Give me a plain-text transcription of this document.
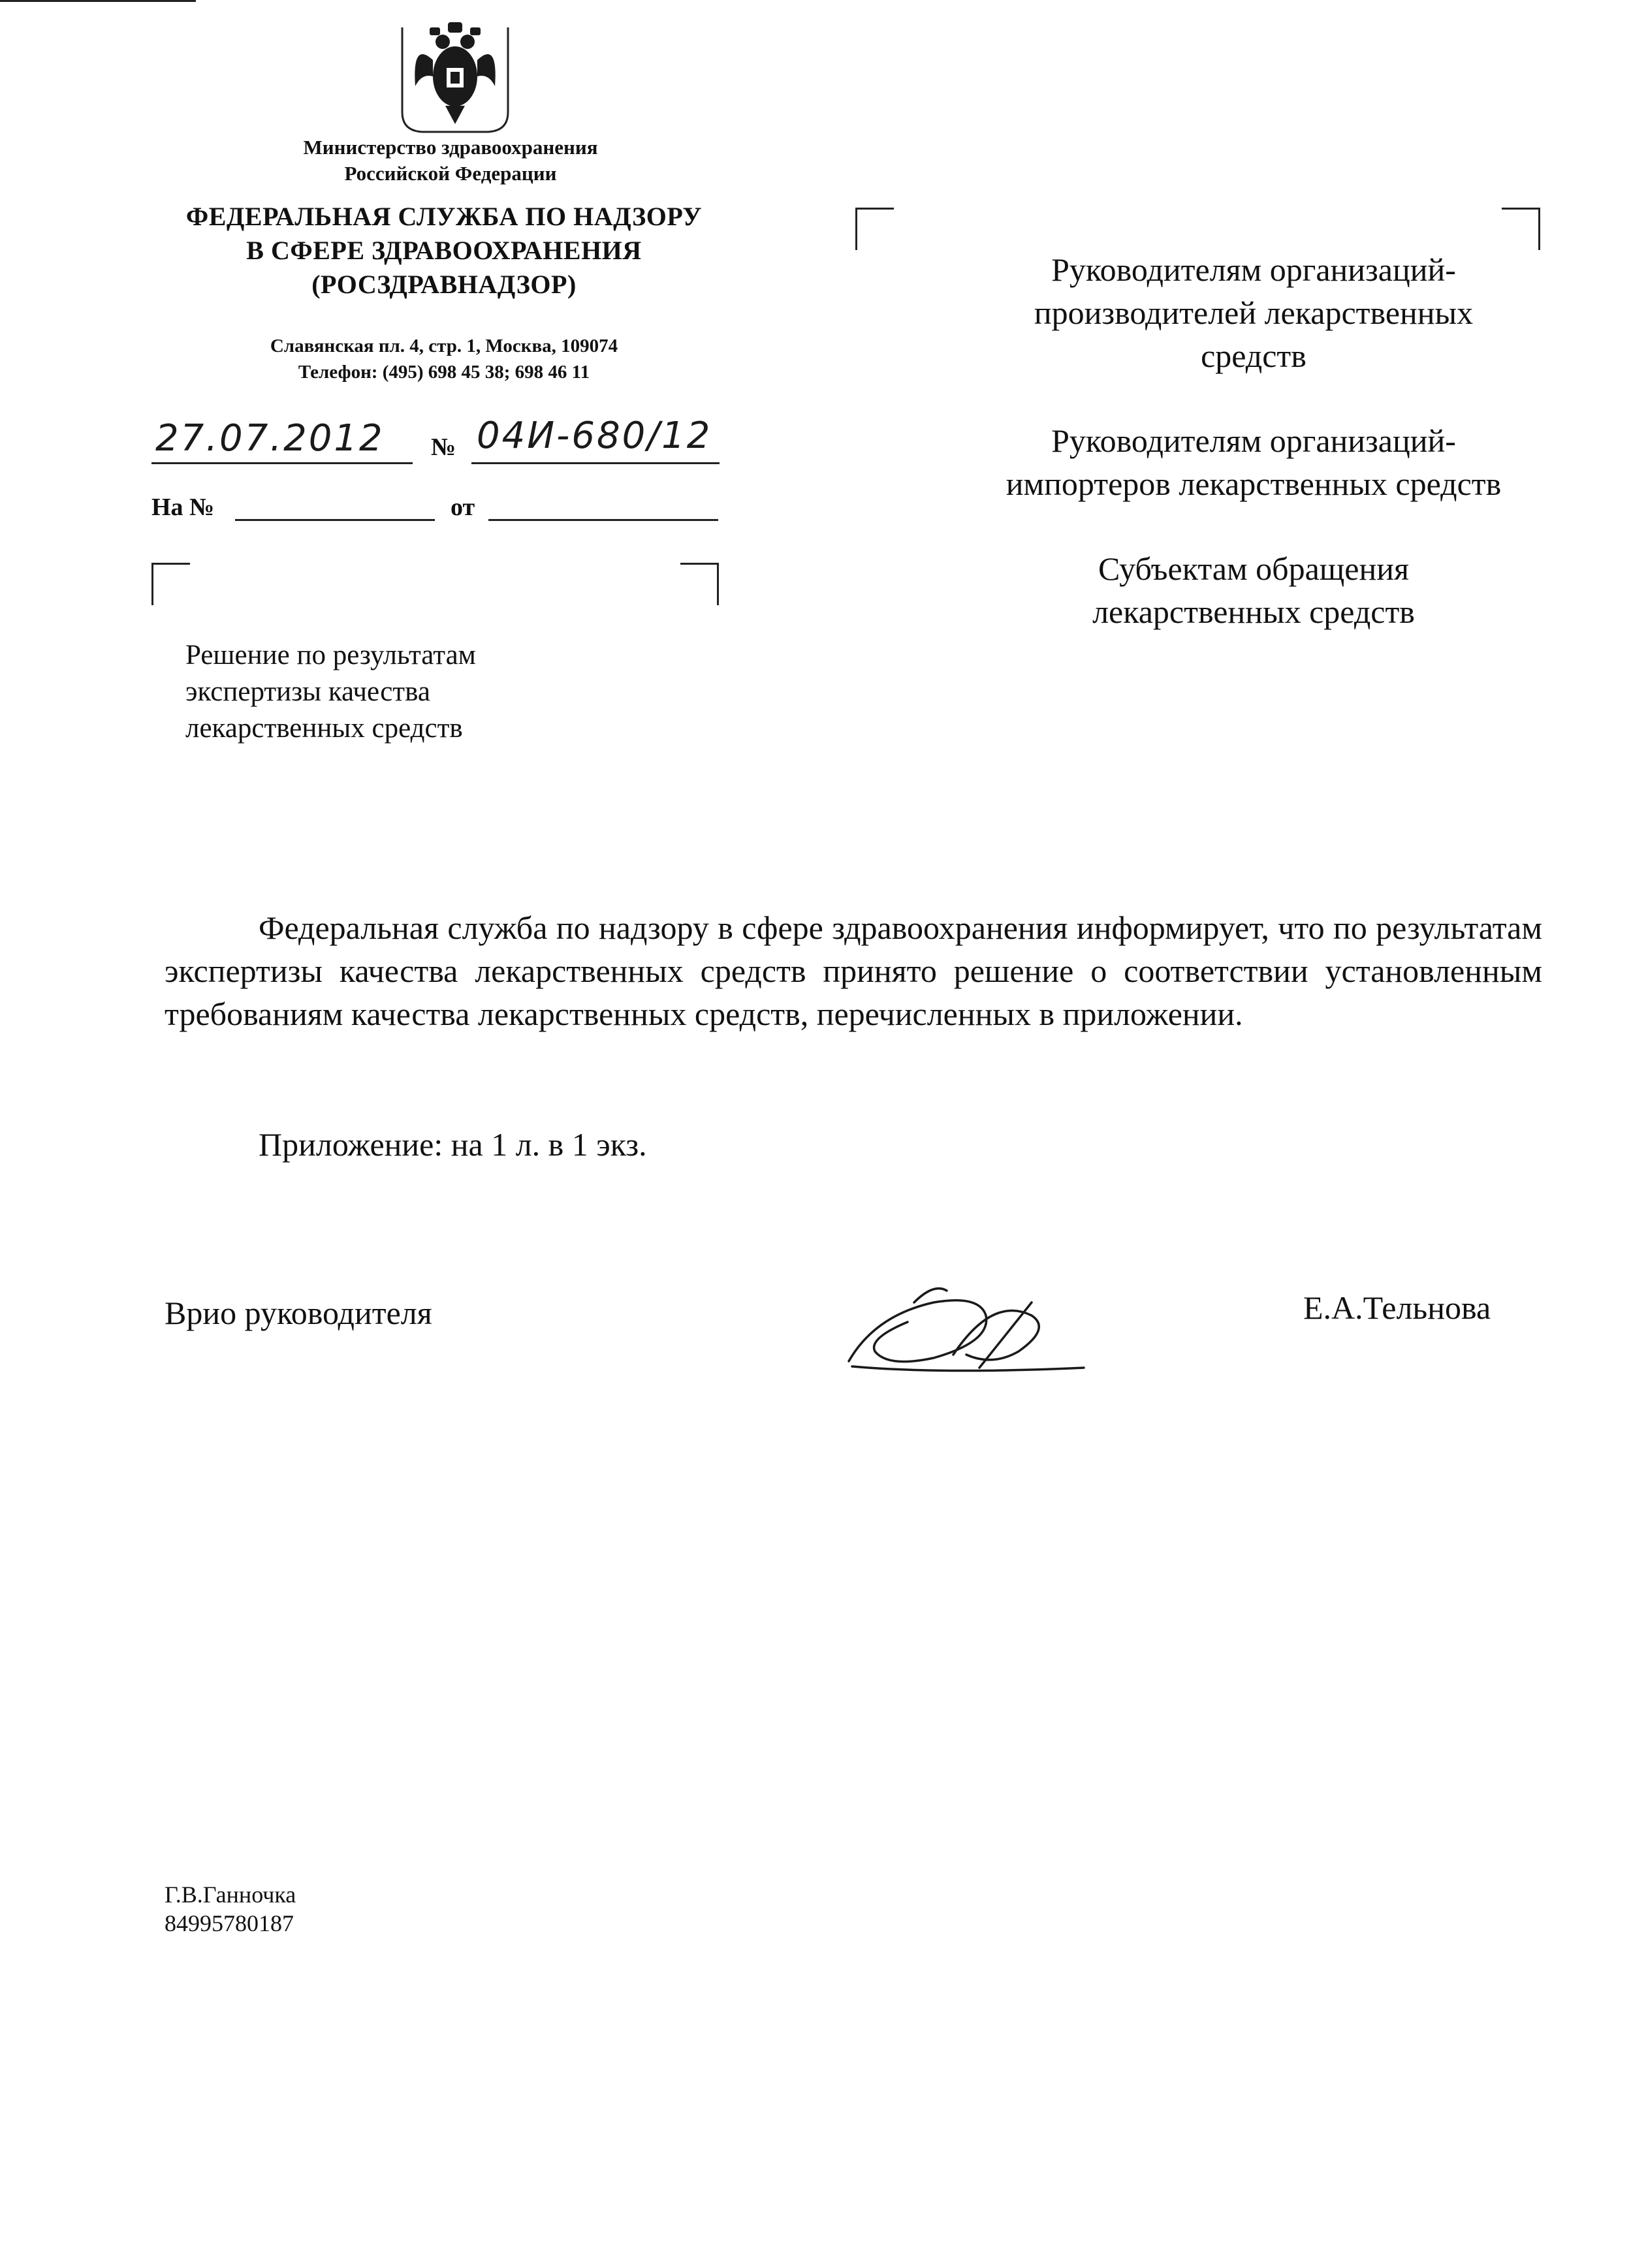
Министерство здравоохранения
Российской Федерации
ФЕДЕРАЛЬНАЯ СЛУЖБА ПО НАДЗОРУ
В СФЕРЕ ЗДРАВООХРАНЕНИЯ
(РОСЗДРАВНАДЗОР)
Славянская пл. 4, стр. 1, Москва, 109074
Телефон: (495) 698 45 38; 698 46 11
27.07.2012 № 04И-680/12
На №	от
Решение по результатам
экспертизы качества
лекарственных средств

Руководителям организаций-
производителей лекарственных
средств

Руководителям организаций-
импортеров лекарственных средств

Субъектам обращения
лекарственных средств

Федеральная служба по надзору в сфере здравоохранения информирует, что по результатам экспертизы качества лекарственных средств принято решение о соответствии установленным требованиям качества лекарственных средств, перечисленных в приложении.
Приложение: на 1 л. в 1 экз.
Врио руководителя	Е.А.Тельнова
Г.В.Ганночка
84995780187
